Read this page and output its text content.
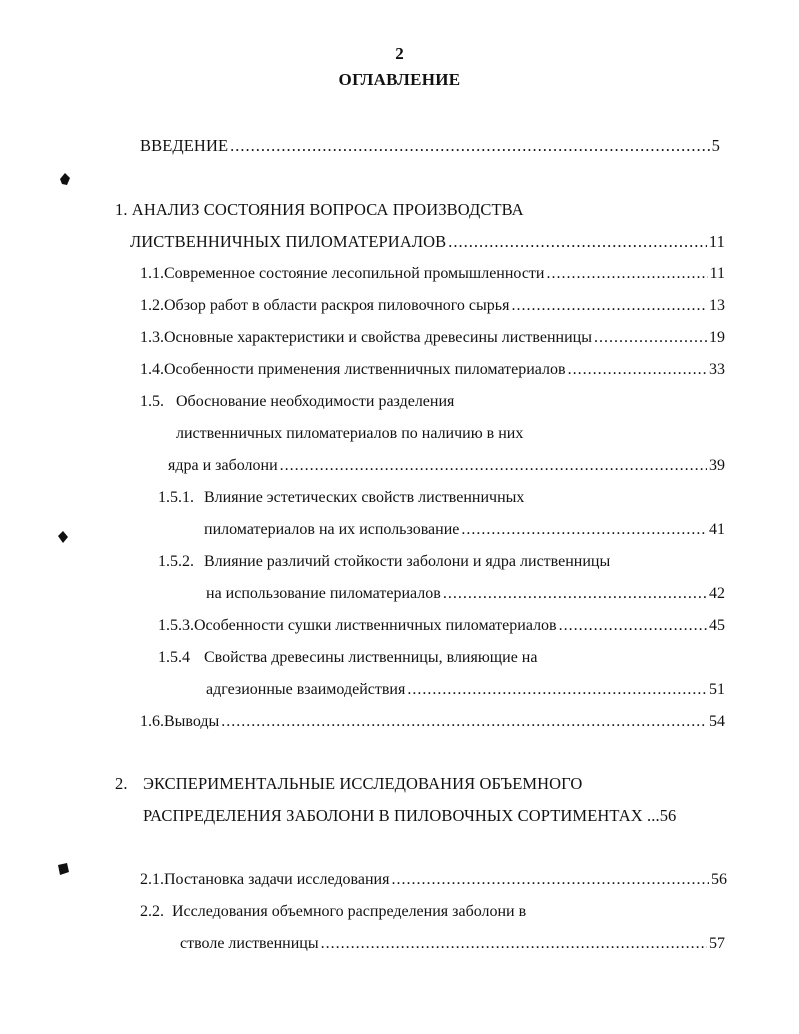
2
ОГЛАВЛЕНИЕ
ВВЕДЕНИЕ .....	5
1. АНАЛИЗ СОСТОЯНИЯ ВОПРОСА ПРОИЗВОДСТВА
ЛИСТВЕННИЧНЫХ ПИЛОМАТЕРИАЛОВ .....	11
1.1. Современное состояние лесопильной промышленности .....	11
1.2. Обзор работ в области раскроя пиловочного сырья .....	13
1.3. Основные характеристики и свойства древесины лиственницы .....	19
1.4. Особенности применения лиственничных пиломатериалов .....	33
1.5. Обоснование необходимости разделения
лиственничных пиломатериалов по наличию в них
ядра и заболони .....	39
1.5.1. Влияние эстетических свойств лиственничных
пиломатериалов на их использование .....	41
1.5.2. Влияние различий стойкости заболони и ядра лиственницы
на использование пиломатериалов .....	42
1.5.3. Особенности сушки лиственничных пиломатериалов .....	45
1.5.4 Свойства древесины лиственницы, влияющие на
адгезионные взаимодействия .....	51
1.6. Выводы .....	54
2. ЭКСПЕРИМЕНТАЛЬНЫЕ ИССЛЕДОВАНИЯ ОБЪЕМНОГО
РАСПРЕДЕЛЕНИЯ ЗАБОЛОНИ В ПИЛОВОЧНЫХ СОРТИМЕНТАХ ...56
2.1. Постановка задачи исследования .....	56
2.2. Исследования объемного распределения заболони в
стволе лиственницы .....	57
